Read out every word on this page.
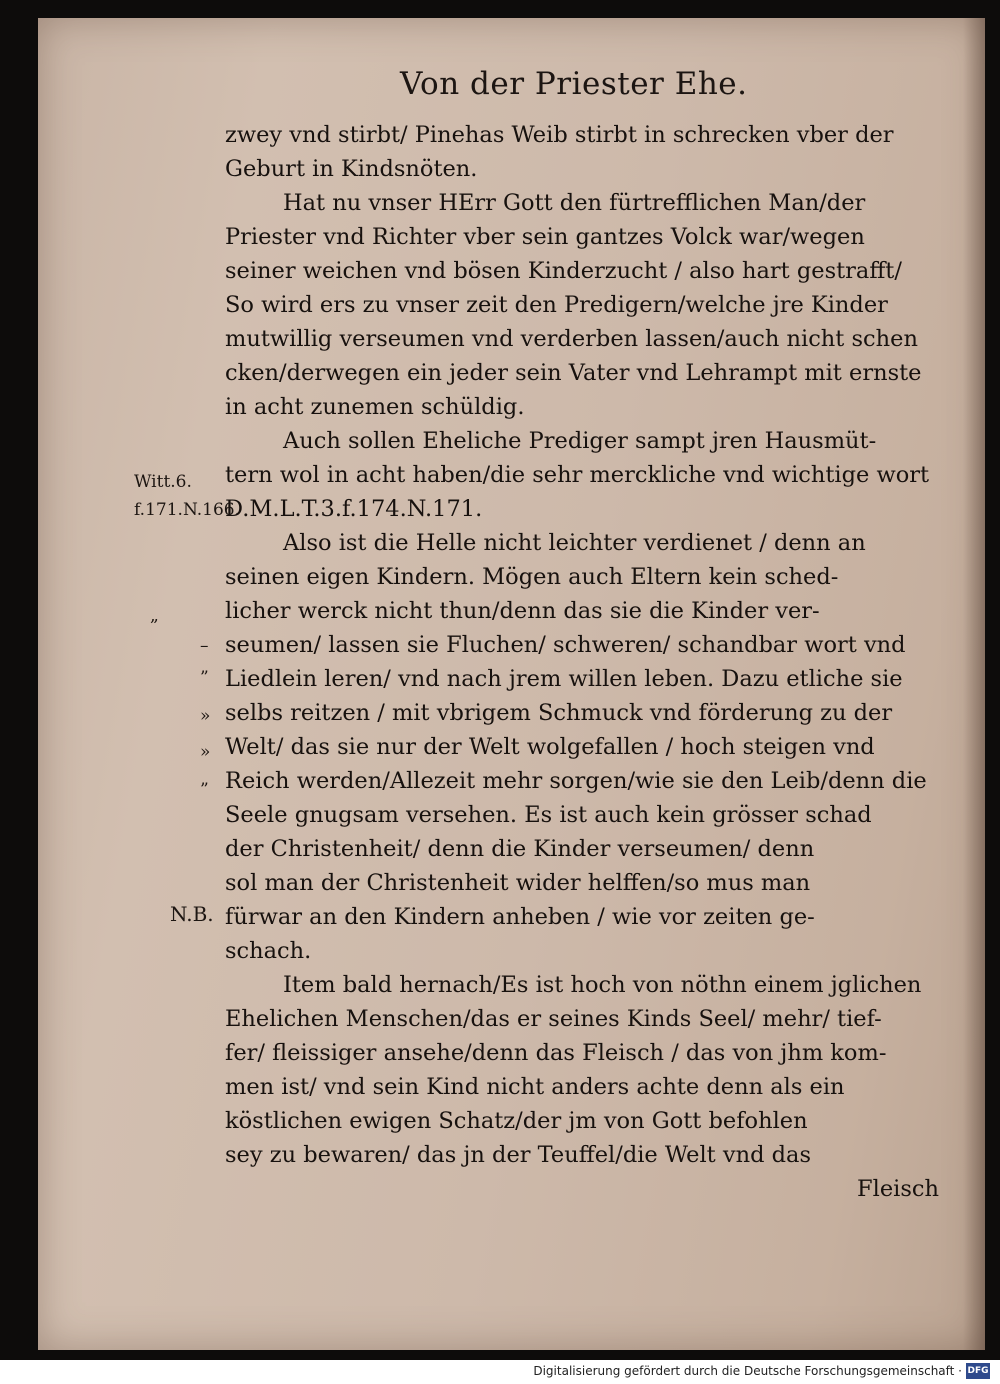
Von der Priester Ehe.
zwey vnd stirbt/ Pinehas Weib stirbt in schrecken vber der
Geburt in Kindsnöten.
Hat nu vnser HErr Gott den fürtrefflichen Man/der
Priester vnd Richter vber sein gantzes Volck war/wegen
seiner weichen vnd bösen Kinderzucht / also hart gestrafft/
So wird ers zu vnser zeit den Predigern/welche jre Kinder
mutwillig verseumen vnd verderben lassen/auch nicht schen
cken/derwegen ein jeder sein Vater vnd Lehrampt mit ernste
in acht zunemen schüldig.
Auch sollen Eheliche Prediger sampt jren Hausmüt-
tern wol in acht haben/die sehr merckliche vnd wichtige wort
D.M.L.T.3.f.174.N.171.
Also ist die Helle nicht leichter verdienet / denn an
seinen eigen Kindern. Mögen auch Eltern kein sched-
licher werck nicht thun/denn das sie die Kinder ver-
seumen/ lassen sie Fluchen/ schweren/ schandbar wort vnd
Liedlein leren/ vnd nach jrem willen leben. Dazu etliche sie
selbs reitzen / mit vbrigem Schmuck vnd förderung zu der
Welt/ das sie nur der Welt wolgefallen / hoch steigen vnd
Reich werden/Allezeit mehr sorgen/wie sie den Leib/denn die
Seele gnugsam versehen. Es ist auch kein grösser schad
der Christenheit/ denn die Kinder verseumen/ denn
sol man der Christenheit wider helffen/so mus man
fürwar an den Kindern anheben / wie vor zeiten ge-
schach.
Item bald hernach/Es ist hoch von nöthn einem jglichen
Ehelichen Menschen/das er seines Kinds Seel/ mehr/ tief-
fer/ fleissiger ansehe/denn das Fleisch / das von jhm kom-
men ist/ vnd sein Kind nicht anders achte denn als ein
köstlichen ewigen Schatz/der jm von Gott befohlen
sey zu bewaren/ das jn der Teuffel/die Welt vnd das
Fleisch
Witt.6.
f.171.N.166.
„
–
”
»
»
”
N.B.
Digitalisierung gefördert durch die Deutsche Forschungsgemeinschaft · DFG
